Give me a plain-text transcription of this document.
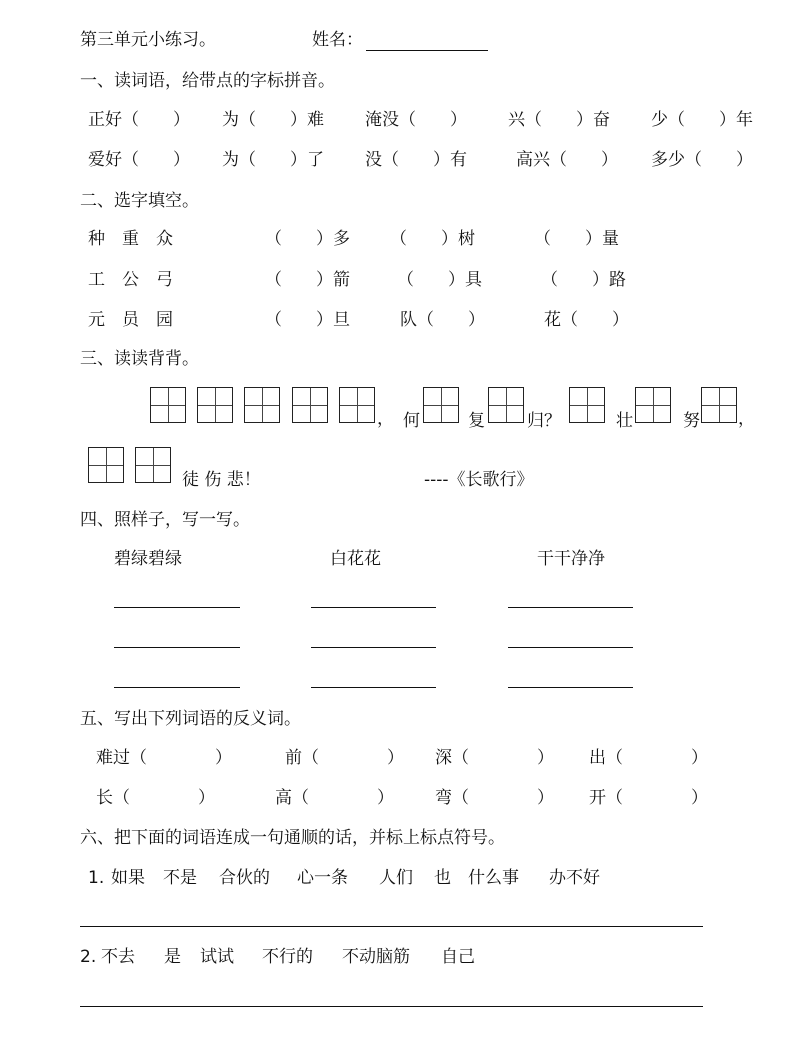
第三单元小练习。	姓名：
一、读词语，给带点的字标拼音。
正好（　　） 为（　　）难 淹没（　　） 兴（　　）奋 少（　　）年
爱好（　　） 为（　　）了 没（　　）有	高兴（　　） 多少（　　）
二、选字填空。
种　重　众	（　　）多 （　　）树	（　　）量
工　公　弓	（　　）箭	（　　）具	（　　）路
元　员　园	（　　）旦	队（　　）	花（　　）
三、读读背背。
， 何	复 归？	壮	努 ，
徒 伤 悲！	----《长歌行》
四、照样子，写一写。
碧绿碧绿	白花花	干干净净
五、写出下列词语的反义词。
难过（　　　　）	前（　　　　） 深（　　　　） 出（　　　　）
长（　　　　）	高（　　　　） 弯（　　　　） 开（　　　　）
六、把下面的词语连成一句通顺的话，并标上标点符号。
1. 如果 不是 合伙的 心一条 人们 也 什么事 办不好
2. 不去 是 试试 不行的 不动脑筋 自己
